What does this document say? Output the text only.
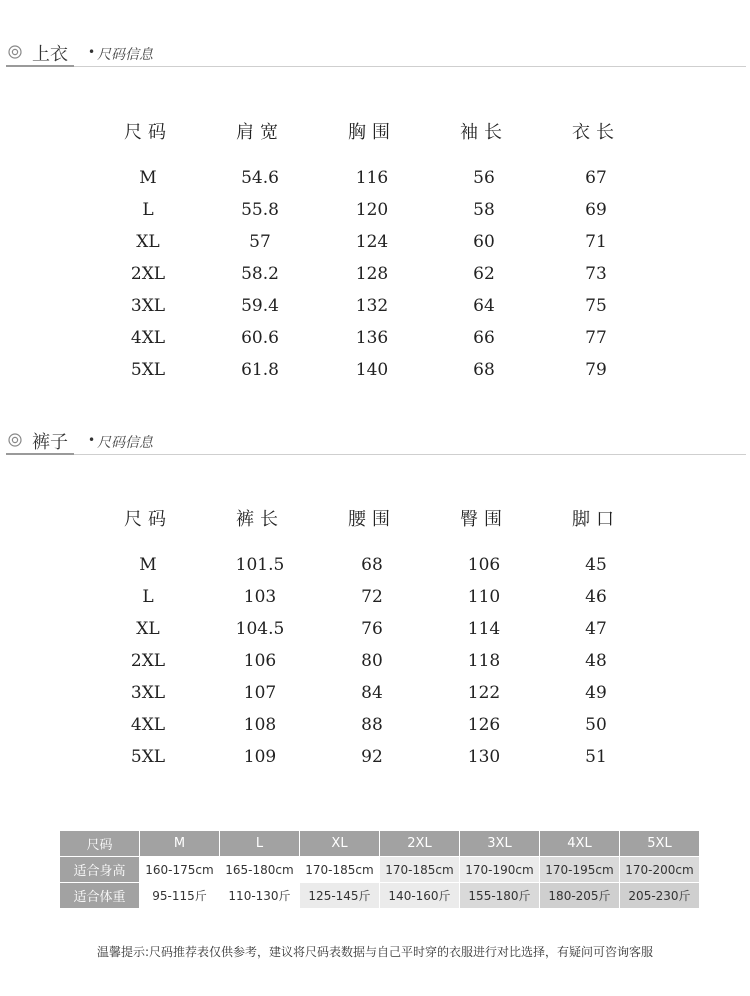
上衣 • 尺码信息
尺码	肩宽	胸围	袖长	衣长
M	54.6	116	56	67
L	55.8	120	58	69
XL	57	124	60	71
2XL	58.2	128	62	73
3XL	59.4	132	64	75
4XL	60.6	136	66	77
5XL	61.8	140	68	79
裤子 • 尺码信息
尺码	裤长	腰围	臀围	脚口
M	101.5	68	106	45
L	103	72	110	46
XL	104.5	76	114	47
2XL	106	80	118	48
3XL	107	84	122	49
4XL	108	88	126	50
5XL	109	92	130	51
尺码	M	L	XL	2XL	3XL	4XL	5XL
适合身高	160-175cm	165-180cm	170-185cm	170-185cm	170-190cm	170-195cm	170-200cm
适合体重	95-115斤	110-130斤	125-145斤	140-160斤	155-180斤	180-205斤	205-230斤
温馨提示:尺码推荐表仅供参考，建议将尺码表数据与自己平时穿的衣服进行对比选择，有疑问可咨询客服
